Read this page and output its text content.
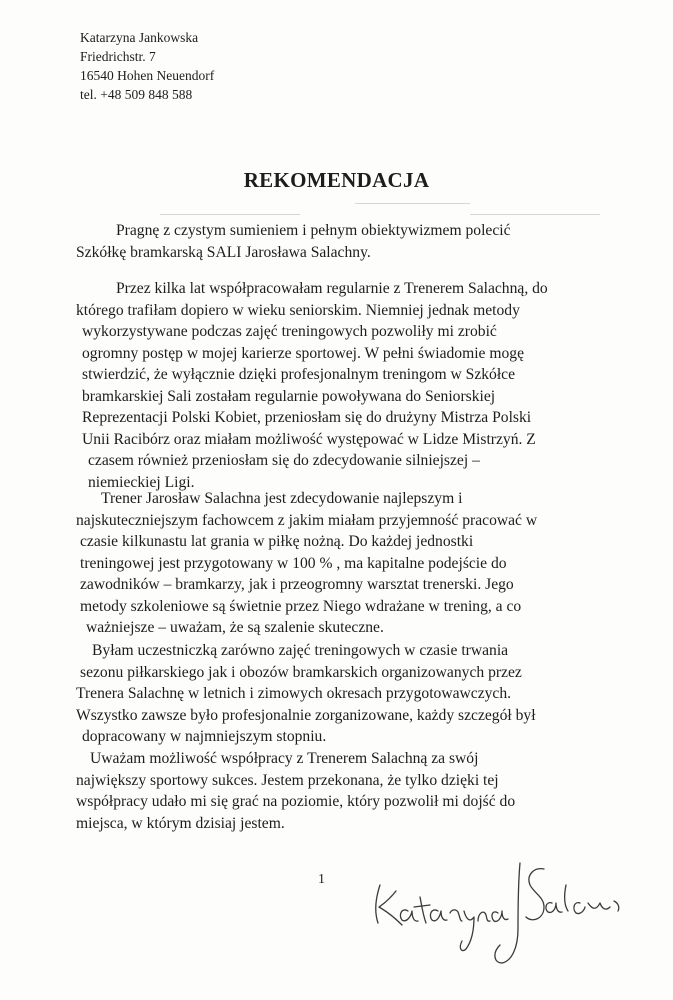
Katarzyna Jankowska
Friedrichstr. 7
16540 Hohen Neuendorf
tel. +48 509 848 588
REKOMENDACJA
Pragnę z czystym sumieniem i pełnym obiektywizmem polecić
Szkółkę bramkarską SALI Jarosława Salachny.
Przez kilka lat współpracowałam regularnie z Trenerem Salachną, do
którego trafiłam dopiero w wieku seniorskim. Niemniej jednak metody
wykorzystywane podczas zajęć treningowych pozwoliły mi zrobić
ogromny postęp w mojej karierze sportowej. W pełni świadomie mogę
stwierdzić, że wyłącznie dzięki profesjonalnym treningom w Szkółce
bramkarskiej Sali zostałam regularnie powoływana do Seniorskiej
Reprezentacji Polski Kobiet, przeniosłam się do drużyny Mistrza Polski
Unii Racibórz oraz miałam możliwość występować w Lidze Mistrzyń. Z
czasem również przeniosłam się do zdecydowanie silniejszej –
niemieckiej Ligi.
Trener Jarosław Salachna jest zdecydowanie najlepszym i
najskuteczniejszym fachowcem z jakim miałam przyjemność pracować w
czasie kilkunastu lat grania w piłkę nożną. Do każdej jednostki
treningowej jest przygotowany w 100 % , ma kapitalne podejście do
zawodników – bramkarzy, jak i przeogromny warsztat trenerski. Jego
metody szkoleniowe są świetnie przez Niego wdrażane w trening, a co
ważniejsze – uważam, że są szalenie skuteczne.
Byłam uczestniczką zarówno zajęć treningowych w czasie trwania
sezonu piłkarskiego jak i obozów bramkarskich organizowanych przez
Trenera Salachnę w letnich i zimowych okresach przygotowawczych.
Wszystko zawsze było profesjonalnie zorganizowane, każdy szczegół był
dopracowany w najmniejszym stopniu.
Uważam możliwość współpracy z Trenerem Salachną za swój
największy sportowy sukces. Jestem przekonana, że tylko dzięki tej
współpracy udało mi się grać na poziomie, który pozwolił mi dojść do
miejsca, w którym dzisiaj jestem.
1
